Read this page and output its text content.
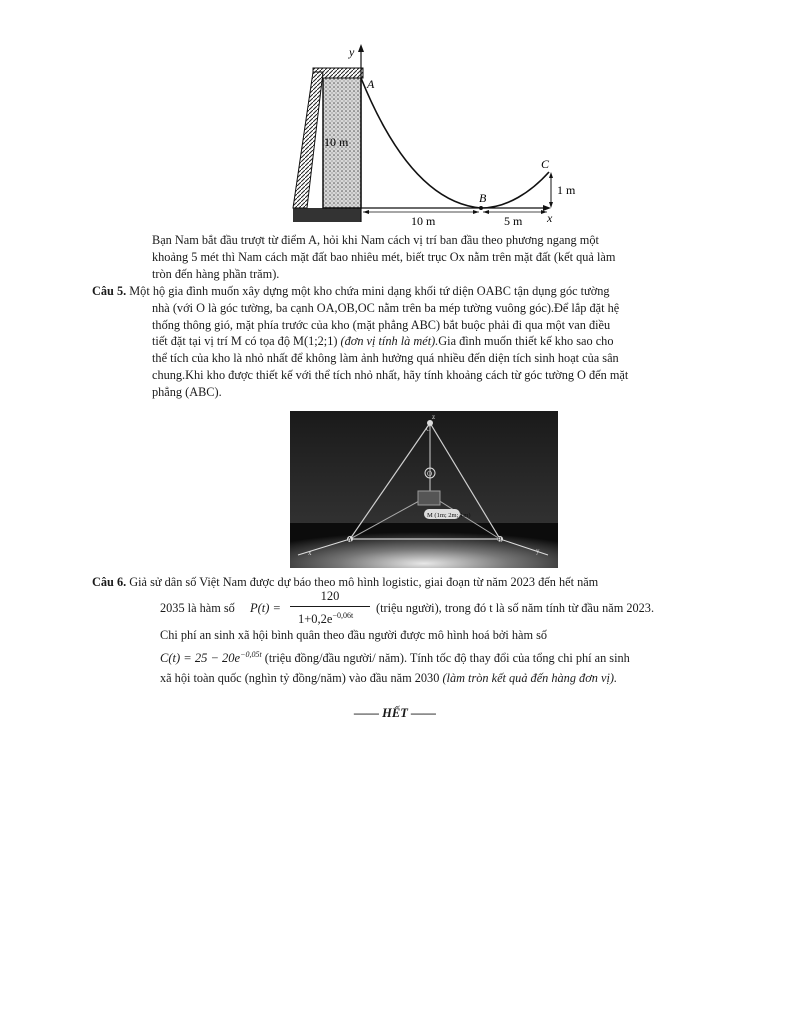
y
x
A
B
C
10 m
10 m	5 m
1 m
Bạn Nam bắt đầu trượt từ điểm A, hỏi khi Nam cách vị trí ban đầu theo phương ngang một
khoảng 5 mét thì Nam cách mặt đất bao nhiêu mét, biết trục Ox nằm trên mặt đất (kết quả làm
tròn đến hàng phần trăm).
Câu 5. Một hộ gia đình muốn xây dựng một kho chứa mini dạng khối tứ diện OABC tận dụng góc tường
nhà (với O là góc tường, ba cạnh OA,OB,OC nằm trên ba mép tường vuông góc).Để lắp đặt hệ
thống thông gió, mặt phía trước của kho (mặt phẳng ABC) bắt buộc phải đi qua một van điều
tiết đặt tại vị trí M có tọa độ M(1;2;1) (đơn vị tính là mét).Gia đình muốn thiết kế kho sao cho
thể tích của kho là nhỏ nhất để không làm ảnh hưởng quá nhiều đến diện tích sinh hoạt của sân
chung.Khi kho được thiết kế với thể tích nhỏ nhất, hãy tính khoảng cách từ góc tường O đến mặt
phẳng (ABC).
M (1m; 2m; 1m)
C
O
A	B
x	y
z
Câu 6. Giả sử dân số Việt Nam được dự báo theo mô hình logistic, giai đoạn từ năm 2023 đến hết năm
2035 là hàm số P(t) =
120
$1+0,2e^{-0,06t}$
(triệu người), trong đó t là số năm tính từ đầu năm 2023.
Chi phí an sinh xã hội bình quân theo đầu người được mô hình hoá bởi hàm số
$C(t) = 25 - 20e^{-0,05t}$ (triệu đồng/đầu người/ năm). Tính tốc độ thay đổi của tổng chi phí an sinh
xã hội toàn quốc (nghìn tỷ đồng/năm) vào đầu năm 2030 (làm tròn kết quả đến hàng đơn vị).
—— HẾT ——
